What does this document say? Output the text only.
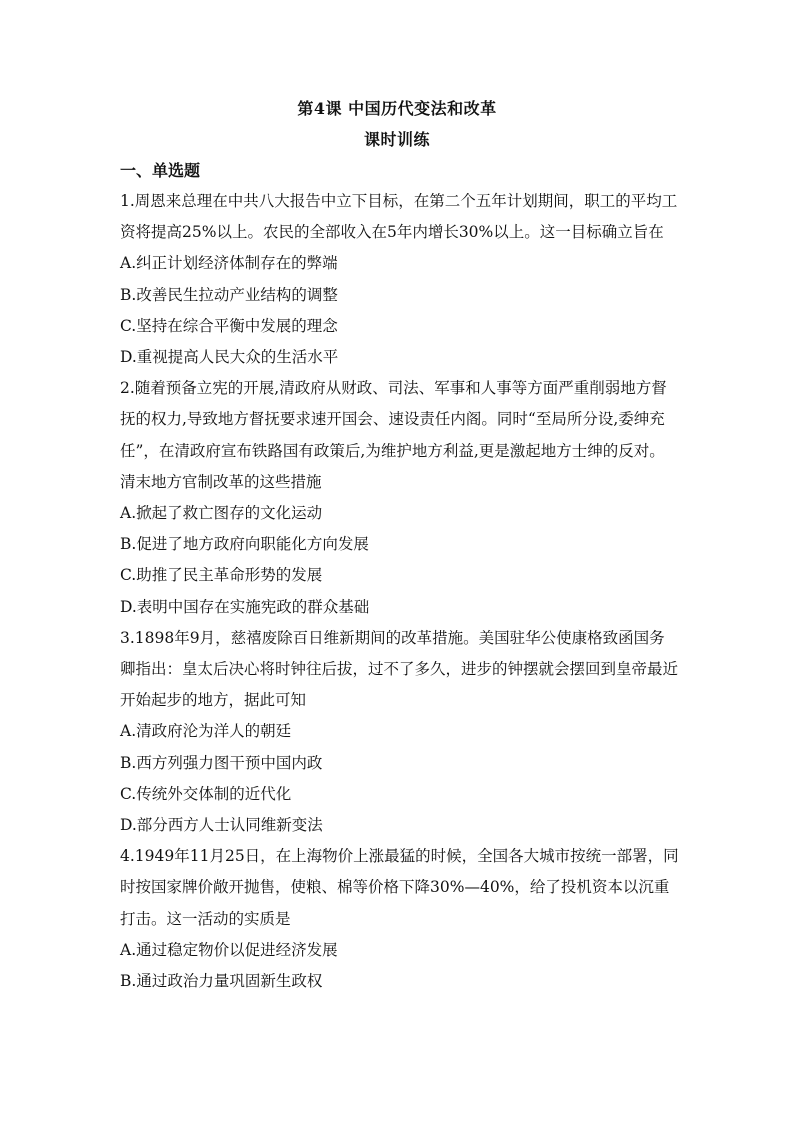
第4课 中国历代变法和改革
课时训练
一、单选题

1.周恩来总理在中共八大报告中立下目标，在第二个五年计划期间，职工的平均工资将提高25%以上。农民的全部收入在5年内增长30%以上。这一目标确立旨在

A.纠正计划经济体制存在的弊端

B.改善民生拉动产业结构的调整

C.坚持在综合平衡中发展的理念

D.重视提高人民大众的生活水平

2.随着预备立宪的开展,清政府从财政、司法、军事和人事等方面严重削弱地方督抚的权力,导致地方督抚要求速开国会、速设责任内阁。同时“至局所分设,委绅充任”，在清政府宣布铁路国有政策后,为维护地方利益,更是激起地方士绅的反对。清末地方官制改革的这些措施

A.掀起了救亡图存的文化运动

B.促进了地方政府向职能化方向发展

C.助推了民主革命形势的发展

D.表明中国存在实施宪政的群众基础

3.1898年9月，慈禧废除百日维新期间的改革措施。美国驻华公使康格致函国务卿指出：皇太后决心将时钟往后拔，过不了多久，进步的钟摆就会摆回到皇帝最近开始起步的地方，据此可知

A.清政府沦为洋人的朝廷

B.西方列强力图干预中国内政

C.传统外交体制的近代化

D.部分西方人士认同维新变法

4.1949年11月25日，在上海物价上涨最猛的时候，全国各大城市按统一部署，同时按国家牌价敞开抛售，使粮、棉等价格下降30%—40%，给了投机资本以沉重打击。这一活动的实质是

A.通过稳定物价以促进经济发展

B.通过政治力量巩固新生政权
